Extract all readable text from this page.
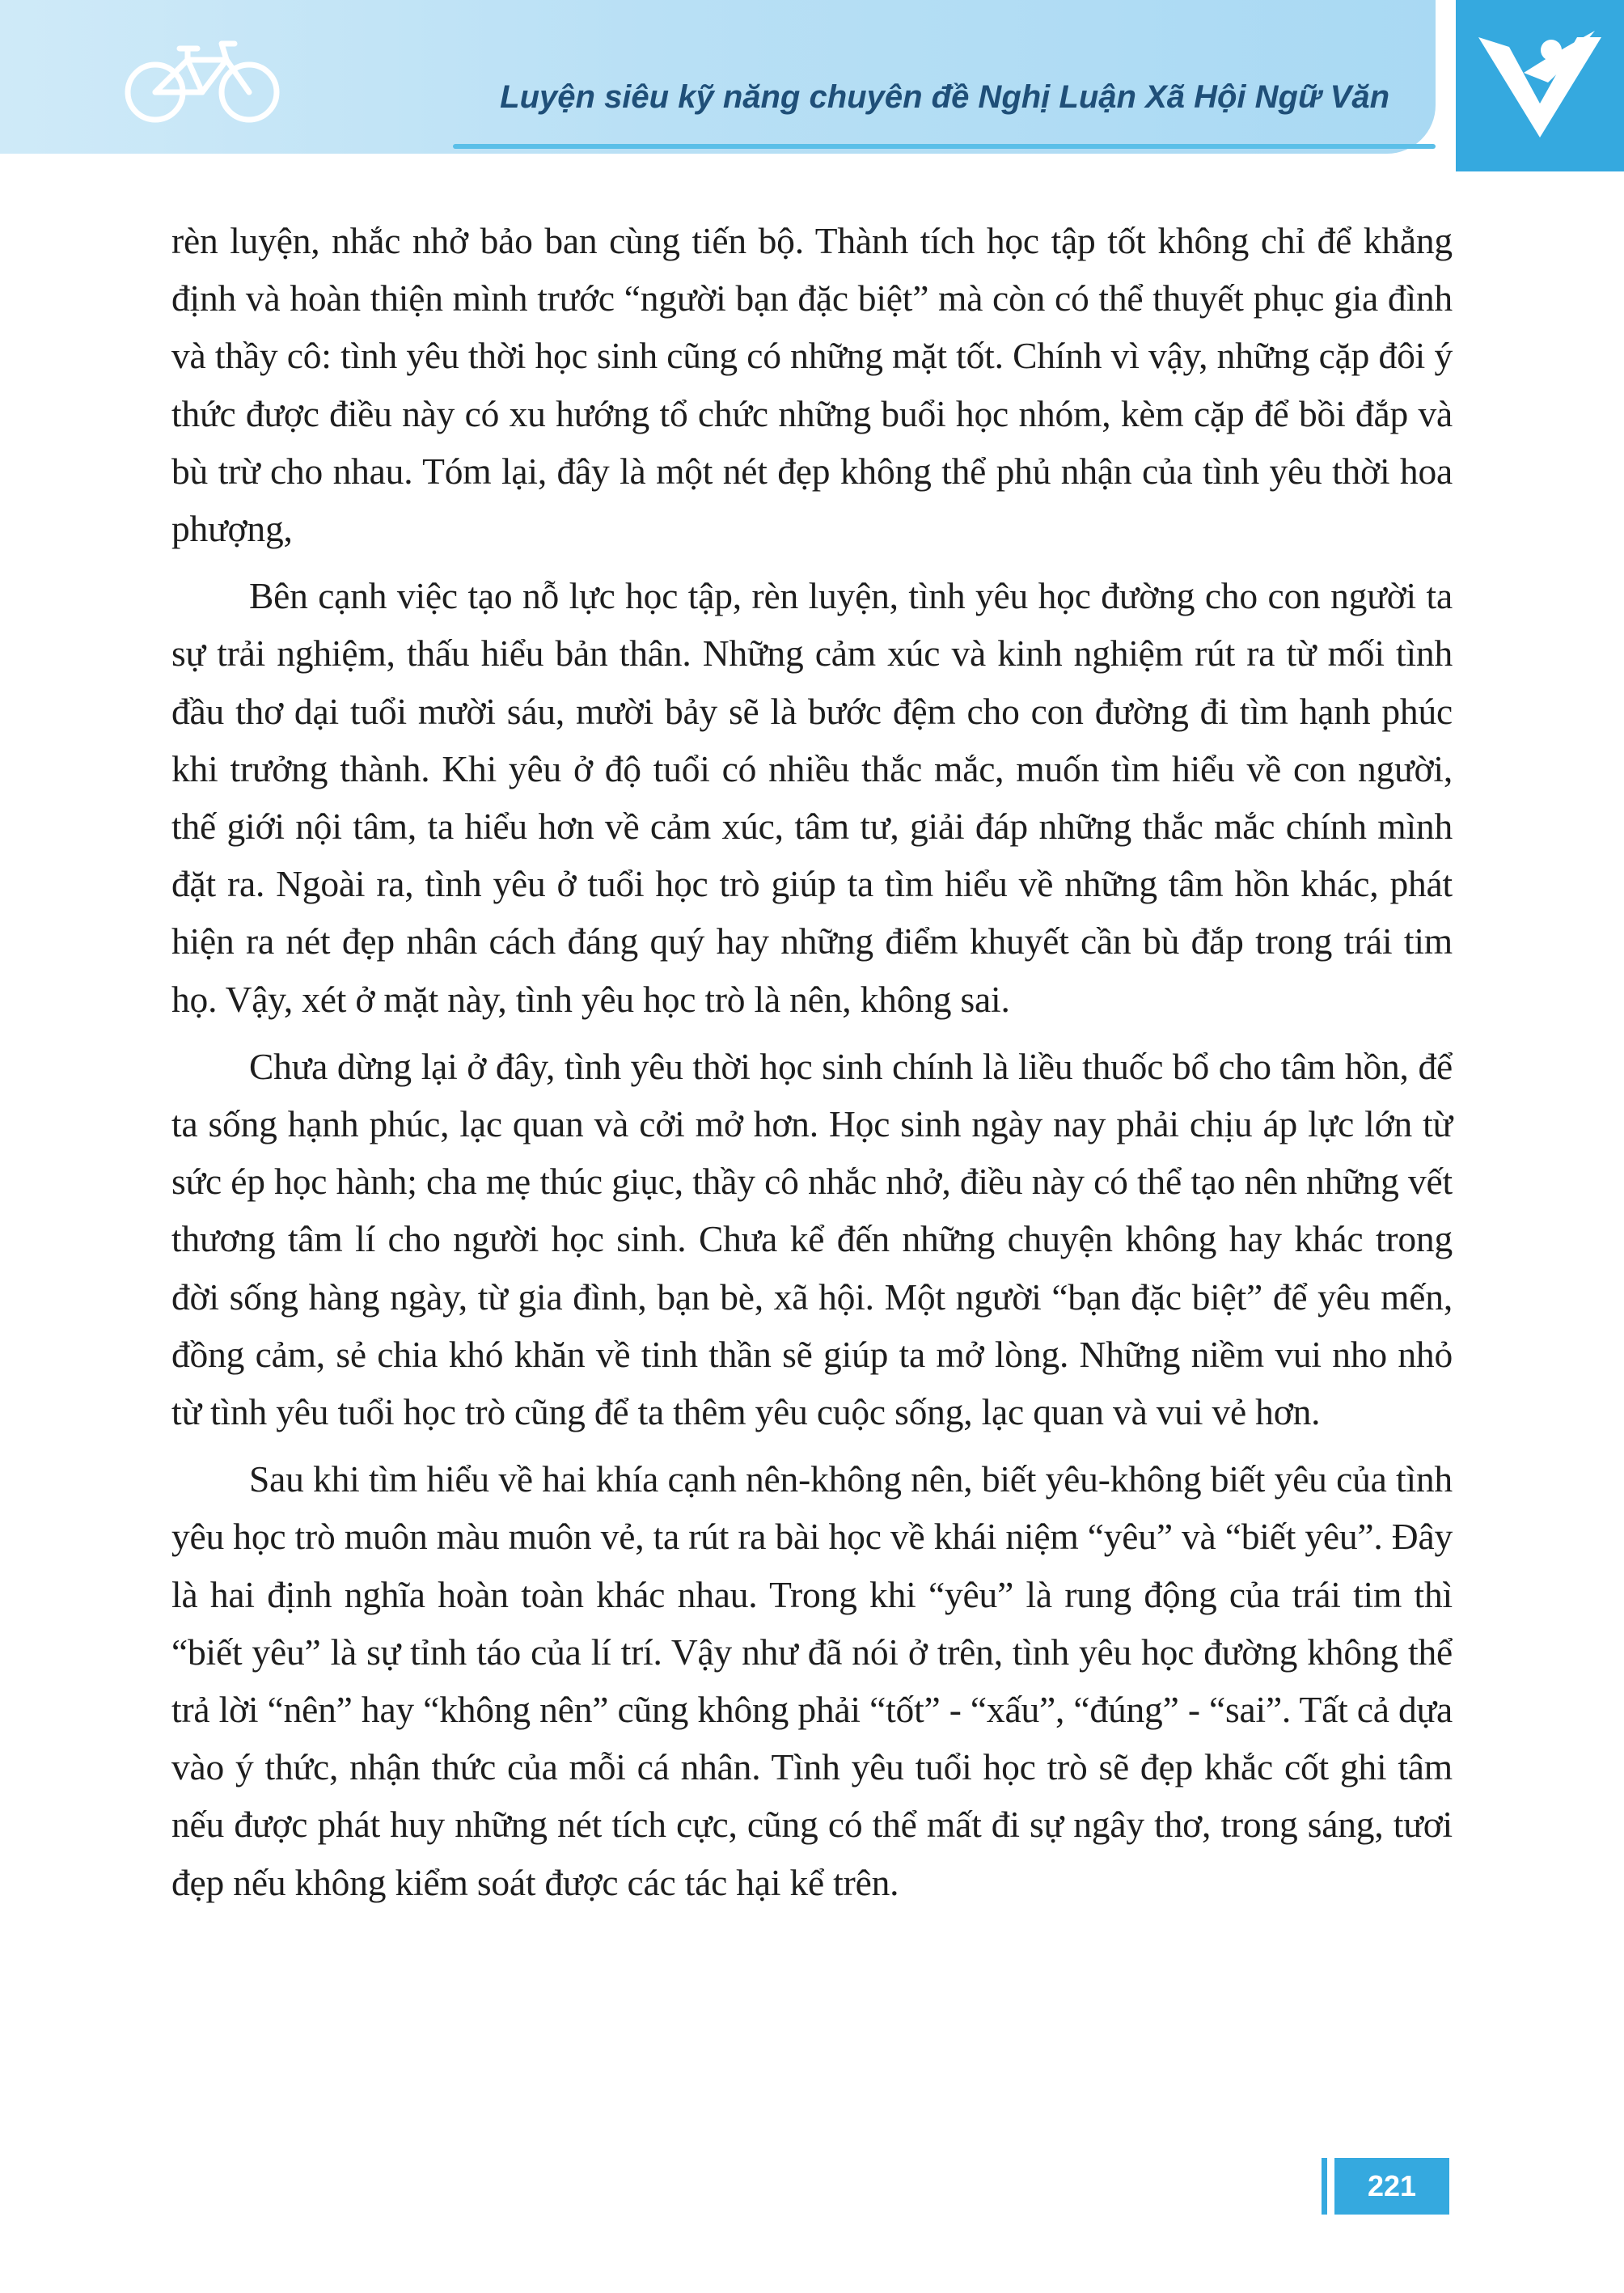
Luyện siêu kỹ năng chuyên đề Nghị Luận Xã Hội Ngữ Văn

rèn luyện, nhắc nhở bảo ban cùng tiến bộ. Thành tích học tập tốt không chỉ để khẳng định và hoàn thiện mình trước “người bạn đặc biệt” mà còn có thể thuyết phục gia đình và thầy cô: tình yêu thời học sinh cũng có những mặt tốt. Chính vì vậy, những cặp đôi ý thức được điều này có xu hướng tổ chức những buổi học nhóm, kèm cặp để bồi đắp và bù trừ cho nhau. Tóm lại, đây là một nét đẹp không thể phủ nhận của tình yêu thời hoa phượng,

Bên cạnh việc tạo nỗ lực học tập, rèn luyện, tình yêu học đường cho con người ta sự trải nghiệm, thấu hiểu bản thân. Những cảm xúc và kinh nghiệm rút ra từ mối tình đầu thơ dại tuổi mười sáu, mười bảy sẽ là bước đệm cho con đường đi tìm hạnh phúc khi trưởng thành. Khi yêu ở độ tuổi có nhiều thắc mắc, muốn tìm hiểu về con người, thế giới nội tâm, ta hiểu hơn về cảm xúc, tâm tư, giải đáp những thắc mắc chính mình đặt ra. Ngoài ra, tình yêu ở tuổi học trò giúp ta tìm hiểu về những tâm hồn khác, phát hiện ra nét đẹp nhân cách đáng quý hay những điểm khuyết cần bù đắp trong trái tim họ. Vậy, xét ở mặt này, tình yêu học trò là nên, không sai.

Chưa dừng lại ở đây, tình yêu thời học sinh chính là liều thuốc bổ cho tâm hồn, để ta sống hạnh phúc, lạc quan và cởi mở hơn. Học sinh ngày nay phải chịu áp lực lớn từ sức ép học hành; cha mẹ thúc giục, thầy cô nhắc nhở, điều này có thể tạo nên những vết thương tâm lí cho người học sinh. Chưa kể đến những chuyện không hay khác trong đời sống hàng ngày, từ gia đình, bạn bè, xã hội. Một người “bạn đặc biệt” để yêu mến, đồng cảm, sẻ chia khó khăn về tinh thần sẽ giúp ta mở lòng. Những niềm vui nho nhỏ từ tình yêu tuổi học trò cũng để ta thêm yêu cuộc sống, lạc quan và vui vẻ hơn.

Sau khi tìm hiểu về hai khía cạnh nên-không nên, biết yêu-không biết yêu của tình yêu học trò muôn màu muôn vẻ, ta rút ra bài học về khái niệm “yêu” và “biết yêu”. Đây là hai định nghĩa hoàn toàn khác nhau. Trong khi “yêu” là rung động của trái tim thì “biết yêu” là sự tỉnh táo của lí trí. Vậy như đã nói ở trên, tình yêu học đường không thể trả lời “nên” hay “không nên” cũng không phải “tốt” - “xấu”, “đúng” - “sai”. Tất cả dựa vào ý thức, nhận thức của mỗi cá nhân. Tình yêu tuổi học trò sẽ đẹp khắc cốt ghi tâm nếu được phát huy những nét tích cực, cũng có thể mất đi sự ngây thơ, trong sáng, tươi đẹp nếu không kiểm soát được các tác hại kể trên.

221
